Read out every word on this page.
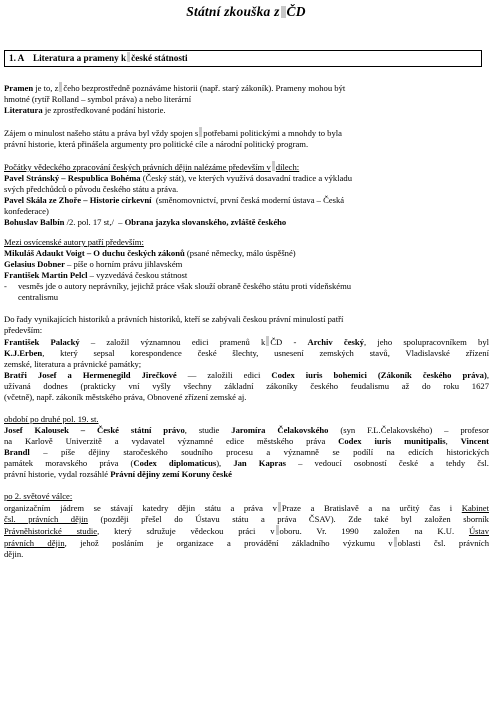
Státní zkouška z ČD
1. A    Literatura a prameny k české státnosti

Pramen je to, z čeho bezprostředně poznáváme historii (např. starý zákoník). Prameny mohou být

hmotné (rytíř Rolland – symbol práva) a nebo literární

Literatura je zprostředkované podání historie.

Zájem o minulost našeho státu a práva byl vždy spojen s potřebami politickými a mnohdy to byla

právní historie, která přinášela argumenty pro politické cíle a národní politický program.

Počátky vědeckého zpracování českých právních dějin nalézáme především v dílech:

Pavel Stránský – Respublica Bohéma (Český stát), ve kterých využívá dosavadní tradice a výkladu

svých předchůdců o původu českého státu a práva.

Pavel Skála ze Zhoře – Historie církevní  (směnomovnictví, první česká moderní ústava – Česká

konfederace)

Bohuslav Balbín /2. pol. 17 st,/  – Obrana jazyka slovanského, zvláště českého

Mezi osvícenské autory patří především:

Mikuláš Adaukt Voigt – O duchu českých zákonů (psané německy, málo úspěšné)

Gelasius Dobner – píše o horním právu jihlavském

František Martin Pelcl – vyzvedává českou státnost

- vesměs jde o autory neprávníky, jejichž práce však slouží obraně českého státu proti vídeňskému
centralismu

Do řady vynikajících historiků a právních historiků, kteří se zabývali českou právní minulostí patří

především:

František Palacký – založil významnou edici pramenů k ČD - Archiv český, jeho spolupracovníkem byl

K.J.Erben, který sepsal korespondence české šlechty, usnesení zemských stavů, Vladislavské zřízení

zemské, literatura a právnické památky;

Bratři Josef a Hermenegild Jirečkové — založili edici Codex iuris bohemici (Zákoník českého práva),

užívaná dodnes (prakticky vní vyšly všechny základní zákoníky českého feudalismu až do roku 1627

(včetně), např. zákoník městského práva, Obnovené zřízení zemské aj.

období po druhé pol. 19. st.

Josef Kalousek – České státní právo, studie Jaromíra Čelakovského (syn F.L.Čelakovského) – profesor

na Karlově Univerzitě a vydavatel významné edice městského práva Codex iuris munitipalis, Vincent

Brandl – píše dějiny staročeského soudního procesu a významně se podílí na edicích historických

památek moravského práva (Codex diplomaticus), Jan Kapras – vedoucí osobností české a tehdy čsl.

právní historie, vydal rozsáhlé Právní dějiny zemí Koruny české

po 2. světové válce:

organizačním jádrem se stávají katedry dějin státu a práva v Praze a Bratislavě a na určitý čas i Kabinet

čsl. právních dějin (později přešel do Ústavu státu a práva ČSAV). Zde také byl založen sborník

Právněhistorické studie, který sdružuje vědeckou práci v oboru. Vr. 1990 založen na K.U. Ústav

právních dějin, jehož posláním je organizace a provádění základního výzkumu v oblasti čsl. právních

dějin.
